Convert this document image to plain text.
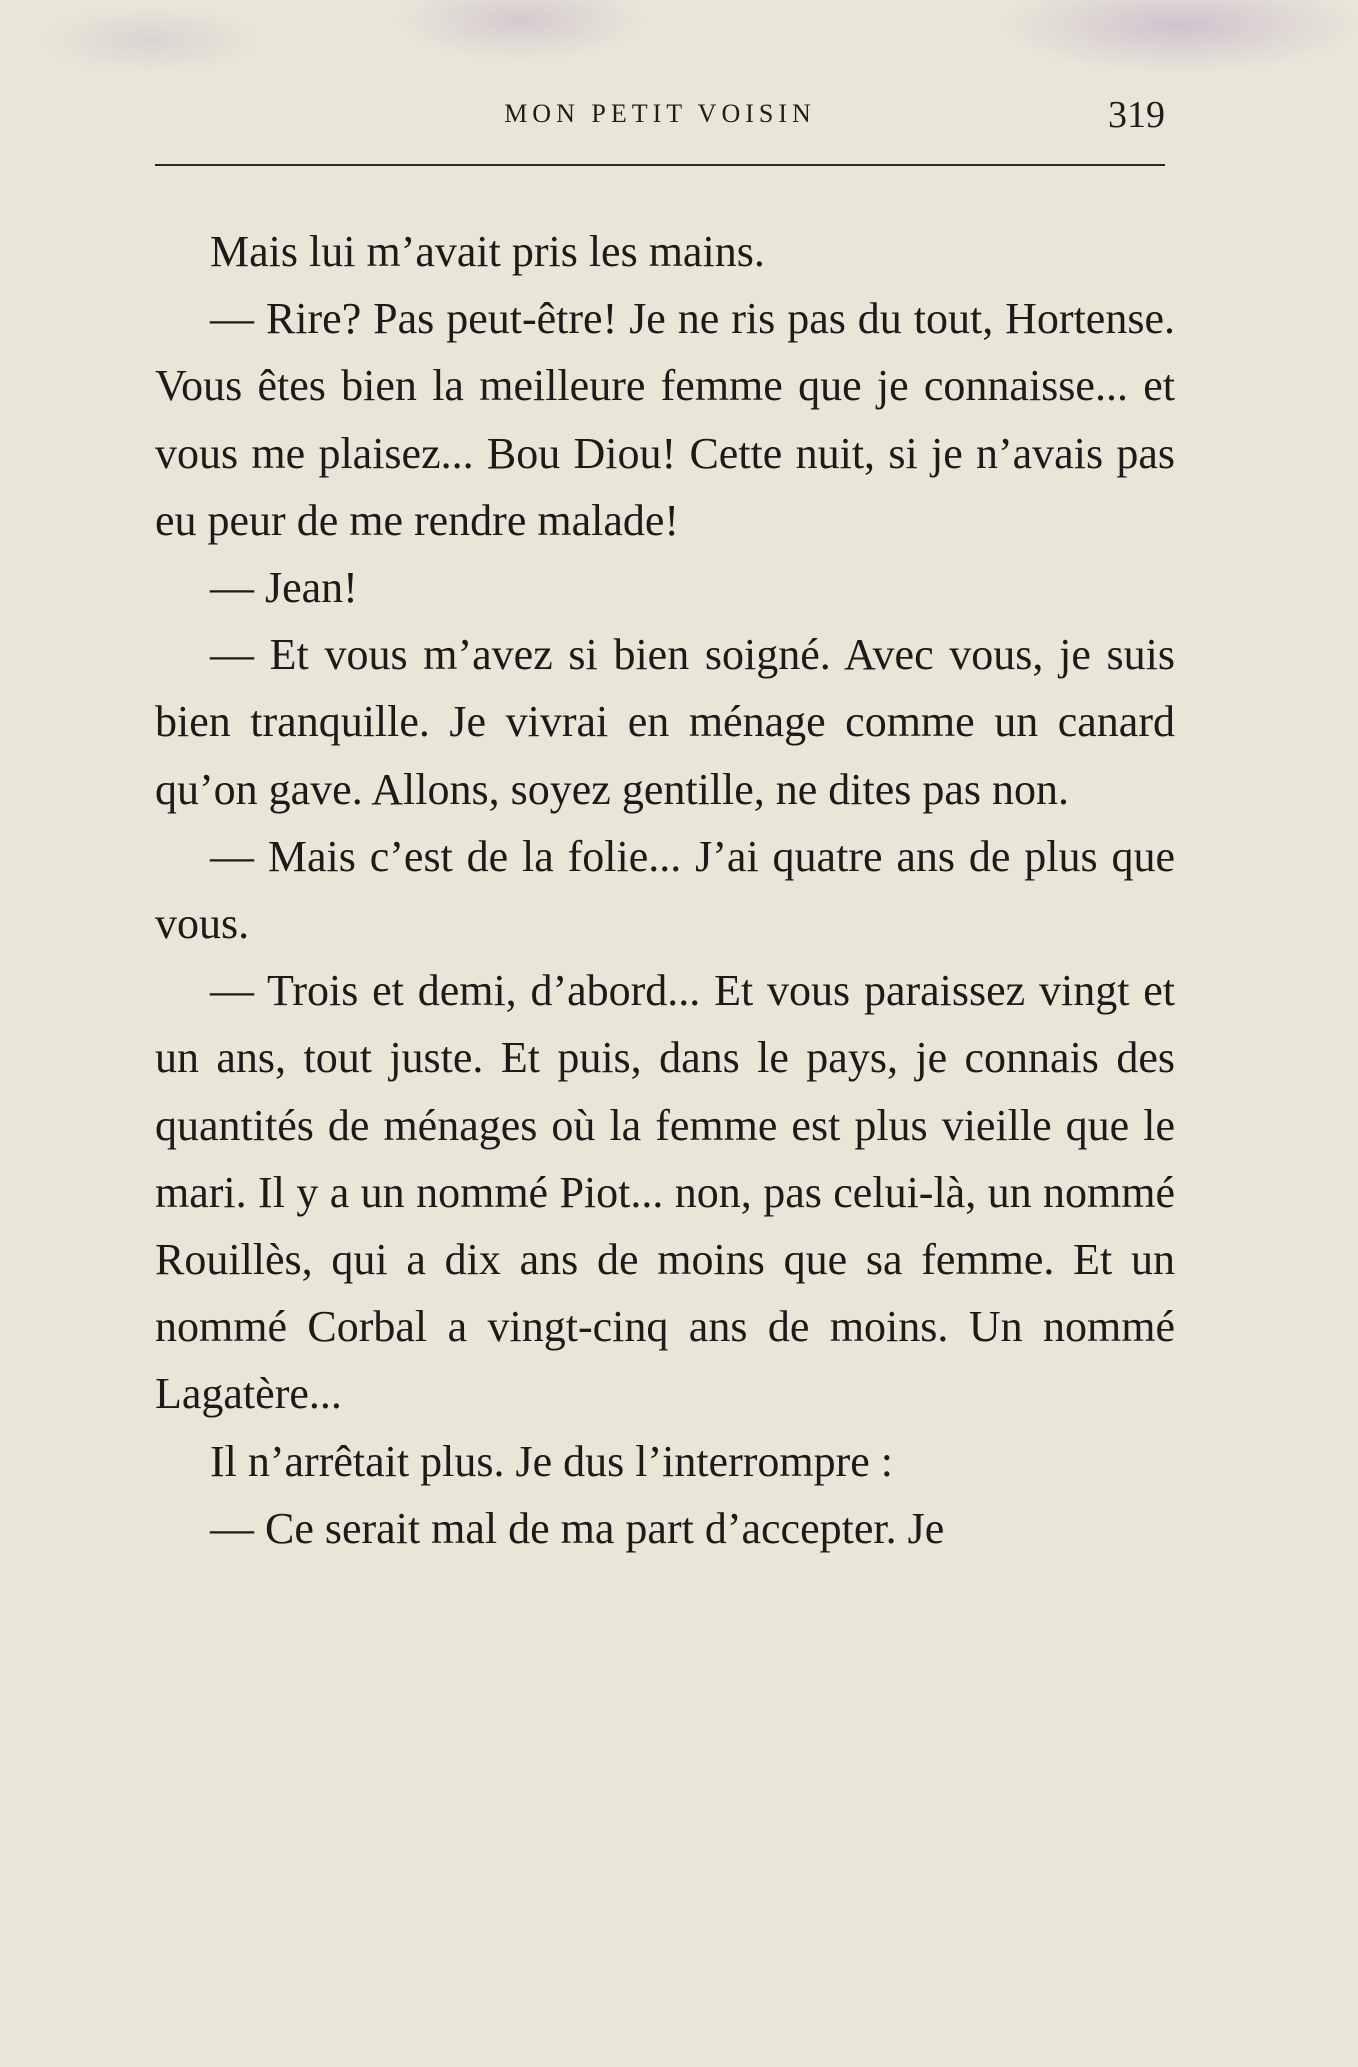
MON PETIT VOISIN	319

Mais lui m’avait pris les mains.

— Rire? Pas peut-être! Je ne ris pas du tout, Hortense. Vous êtes bien la meilleure femme que je connaisse... et vous me plaisez... Bou Diou! Cette nuit, si je n’avais pas eu peur de me rendre malade!

— Jean!

— Et vous m’avez si bien soigné. Avec vous, je suis bien tranquille. Je vivrai en ménage comme un canard qu’on gave. Allons, soyez gentille, ne dites pas non.

— Mais c’est de la folie... J’ai quatre ans de plus que vous.

— Trois et demi, d’abord... Et vous paraissez vingt et un ans, tout juste. Et puis, dans le pays, je connais des quantités de ménages où la femme est plus vieille que le mari. Il y a un nommé Piot... non, pas celui-là, un nommé Rouillès, qui a dix ans de moins que sa femme. Et un nommé Corbal a vingt-cinq ans de moins. Un nommé Lagatère...

Il n’arrêtait plus. Je dus l’interrompre :

— Ce serait mal de ma part d’accepter. Je
